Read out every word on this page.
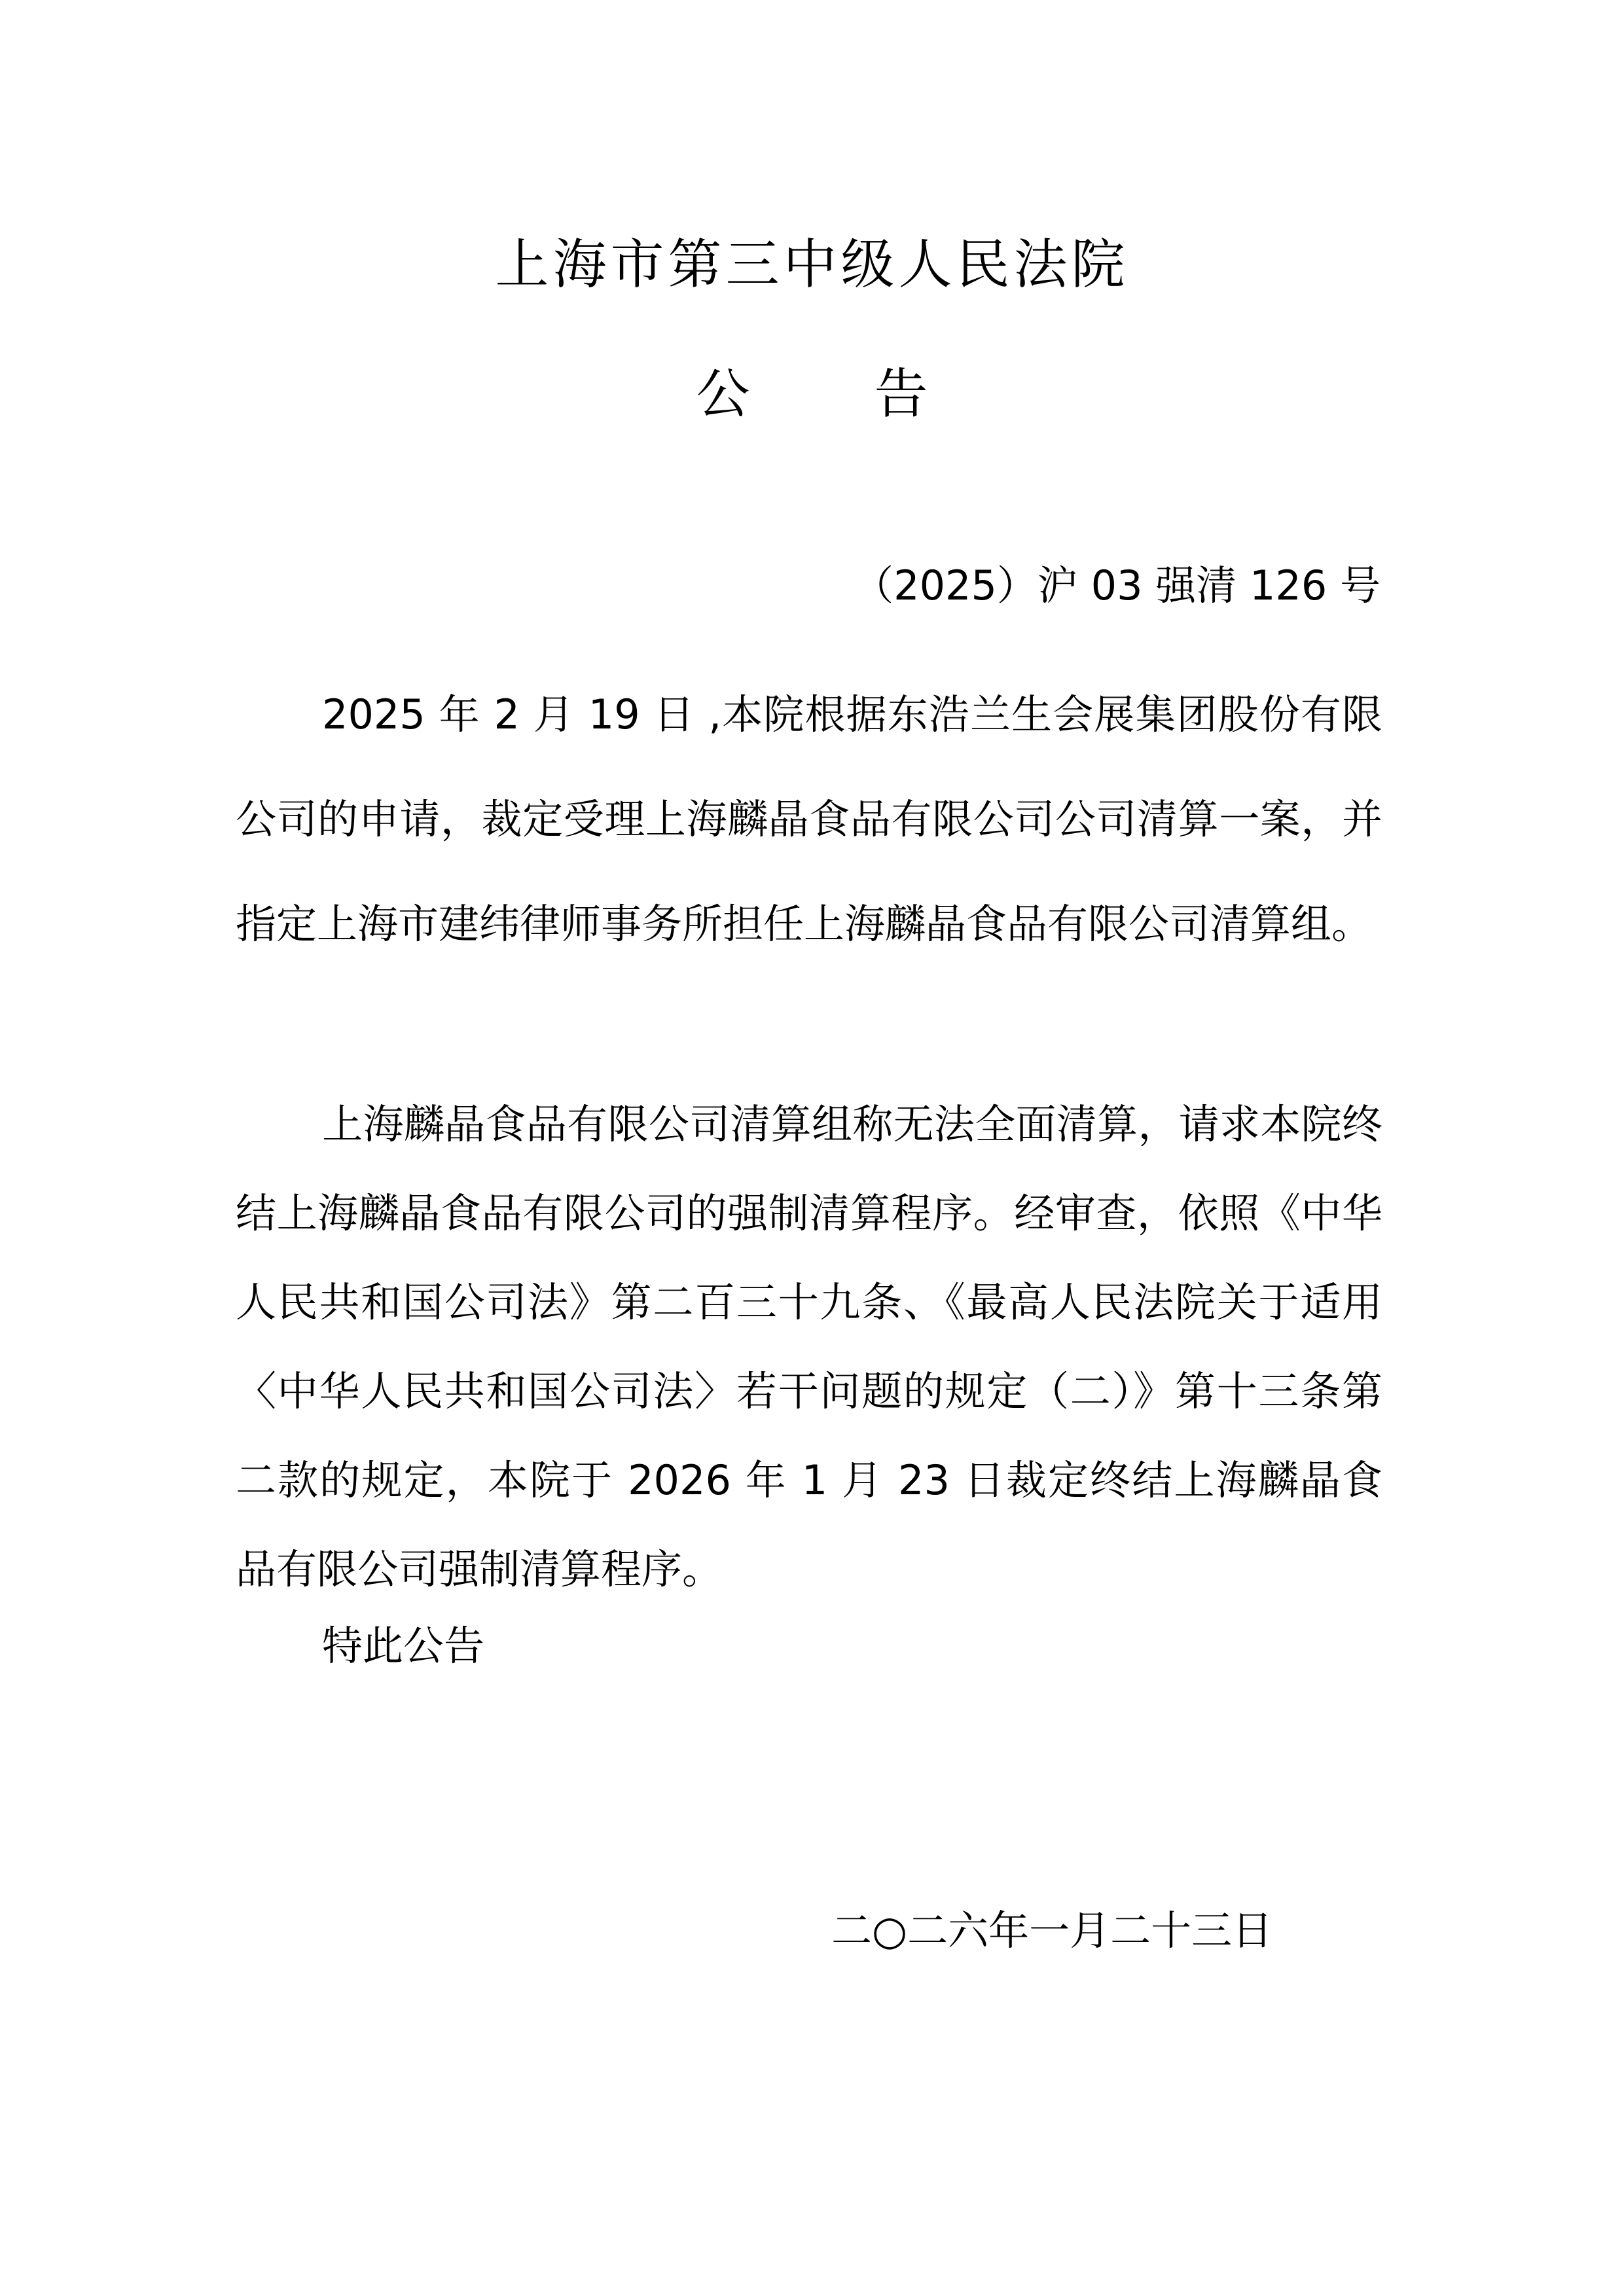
上海市第三中级人民法院
公 告
（2025）沪 03 强清 126 号
2025 年 2 月 19 日 ,本院根据东浩兰生会展集团股份有限公司的申请，裁定受理上海麟晶食品有限公司公司清算一案，并指定上海市建纬律师事务所担任上海麟晶食品有限公司清算组。
上海麟晶食品有限公司清算组称无法全面清算，请求本院终结上海麟晶食品有限公司的强制清算程序。经审查，依照《中华人民共和国公司法》第二百三十九条、《最高人民法院关于适用〈中华人民共和国公司法〉若干问题的规定（二）》第十三条第二款的规定，本院于 2026 年 1 月 23 日裁定终结上海麟晶食品有限公司强制清算程序。
特此公告
二○二六年一月二十三日
